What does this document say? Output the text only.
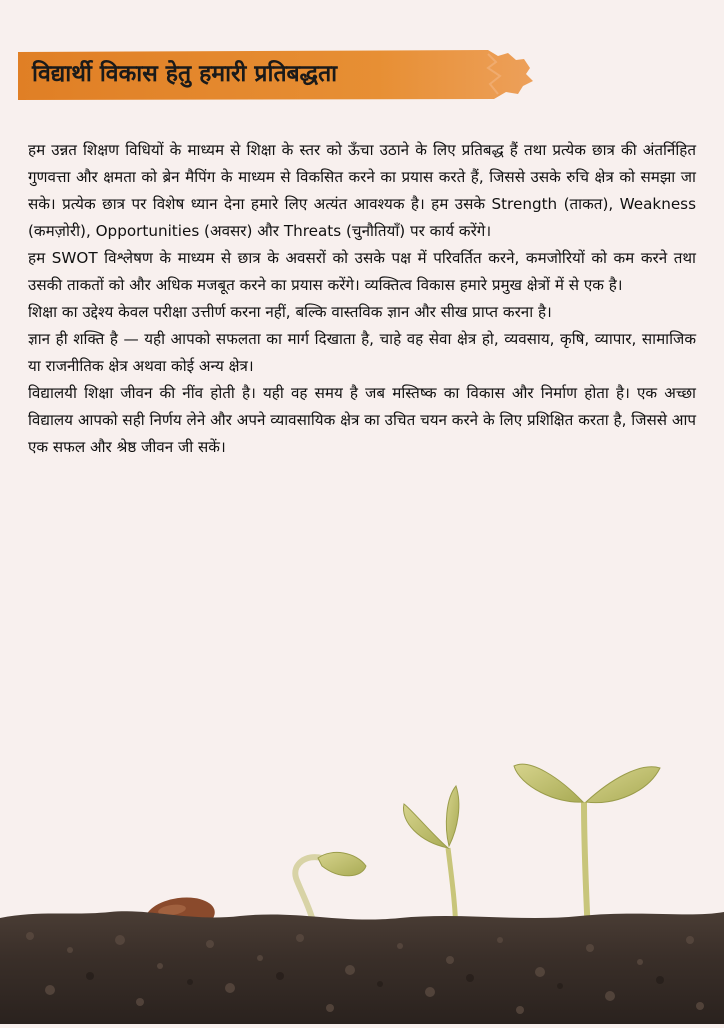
विद्यार्थी विकास हेतु हमारी प्रतिबद्धता

हम उन्नत शिक्षण विधियों के माध्यम से शिक्षा के स्तर को ऊँचा उठाने के लिए प्रतिबद्ध हैं तथा प्रत्येक छात्र की अंतर्निहित गुणवत्ता और क्षमता को ब्रेन मैपिंग के माध्यम से विकसित करने का प्रयास करते हैं, जिससे उसके रुचि क्षेत्र को समझा जा सके। प्रत्येक छात्र पर विशेष ध्यान देना हमारे लिए अत्यंत आवश्यक है। हम उसके Strength (ताकत), Weakness (कमज़ोरी), Opportunities (अवसर) और Threats (चुनौतियाँ) पर कार्य करेंगे।

हम SWOT विश्लेषण के माध्यम से छात्र के अवसरों को उसके पक्ष में परिवर्तित करने, कमजोरियों को कम करने तथा उसकी ताकतों को और अधिक मजबूत करने का प्रयास करेंगे। व्यक्तित्व विकास हमारे प्रमुख क्षेत्रों में से एक है।

शिक्षा का उद्देश्य केवल परीक्षा उत्तीर्ण करना नहीं, बल्कि वास्तविक ज्ञान और सीख प्राप्त करना है।

ज्ञान ही शक्ति है — यही आपको सफलता का मार्ग दिखाता है, चाहे वह सेवा क्षेत्र हो, व्यवसाय, कृषि, व्यापार, सामाजिक या राजनीतिक क्षेत्र अथवा कोई अन्य क्षेत्र।

विद्यालयी शिक्षा जीवन की नींव होती है। यही वह समय है जब मस्तिष्क का विकास और निर्माण होता है। एक अच्छा विद्यालय आपको सही निर्णय लेने और अपने व्यावसायिक क्षेत्र का उचित चयन करने के लिए प्रशिक्षित करता है, जिससे आप एक सफल और श्रेष्ठ जीवन जी सकें।
